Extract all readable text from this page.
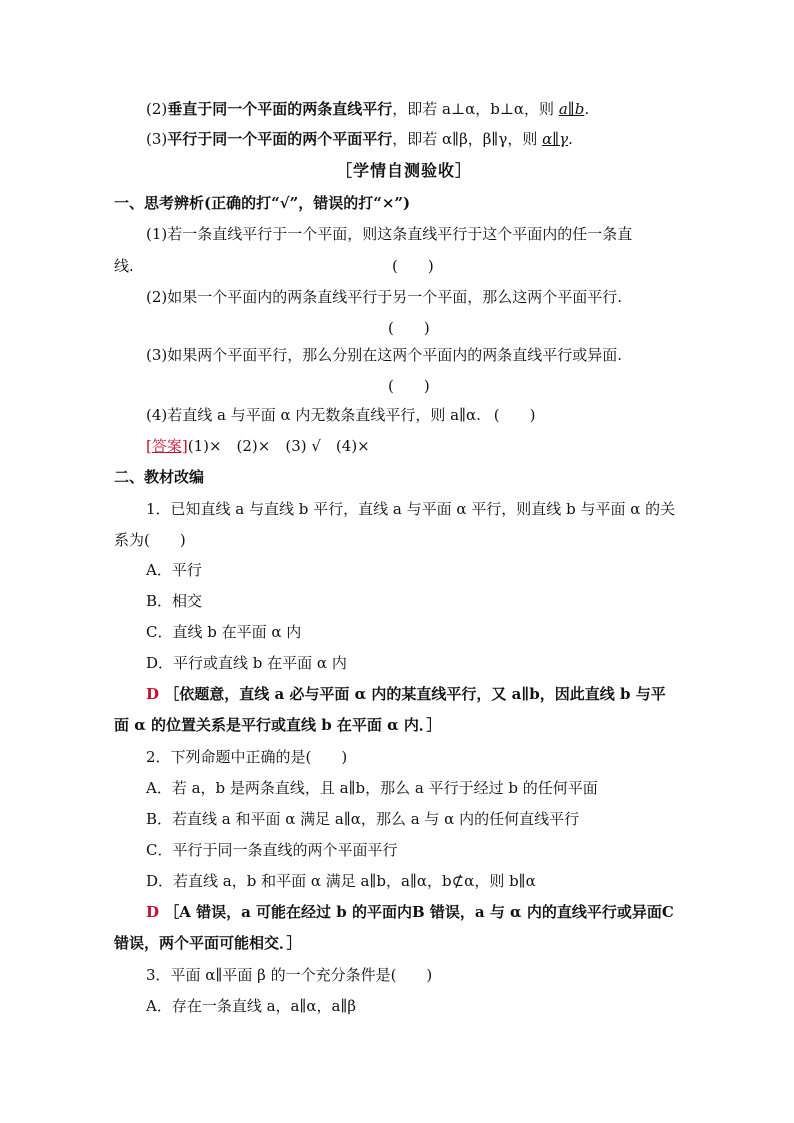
(2)垂直于同一个平面的两条直线平行，即若 a⊥α，b⊥α，则 a∥b.
(3)平行于同一个平面的两个平面平行，即若 α∥β，β∥γ，则 α∥γ.
［学情自测验收］
一、思考辨析(正确的打“√”，错误的打“×”)
(1)若一条直线平行于一个平面，则这条直线平行于这个平面内的任一条直
线.	(　　)
(2)如果一个平面内的两条直线平行于另一个平面，那么这两个平面平行.
(　　)
(3)如果两个平面平行，那么分别在这两个平面内的两条直线平行或异面.
(　　)
(4)若直线 a 与平面 α 内无数条直线平行，则 a∥α. (　　)
[答案](1)×　(2)×　(3) √　(4)×
二、教材改编
1．已知直线 a 与直线 b 平行，直线 a 与平面 α 平行，则直线 b 与平面 α 的关
系为(　　)
A．平行
B．相交
C．直线 b 在平面 α 内
D．平行或直线 b 在平面 α 内
D ［依题意，直线 a 必与平面 α 内的某直线平行，又 a∥b，因此直线 b 与平
面 α 的位置关系是平行或直线 b 在平面 α 内．］
2．下列命题中正确的是(　　)
A．若 a，b 是两条直线，且 a∥b，那么 a 平行于经过 b 的任何平面
B．若直线 a 和平面 α 满足 a∥α，那么 a 与 α 内的任何直线平行
C．平行于同一条直线的两个平面平行
D．若直线 a，b 和平面 α 满足 a∥b，a∥α，b⊄α，则 b∥α
D ［A 错误，a 可能在经过 b 的平面内B 错误，a 与 α 内的直线平行或异面C
错误，两个平面可能相交．］
3．平面 α∥平面 β 的一个充分条件是(　　)
A．存在一条直线 a，a∥α，a∥β
